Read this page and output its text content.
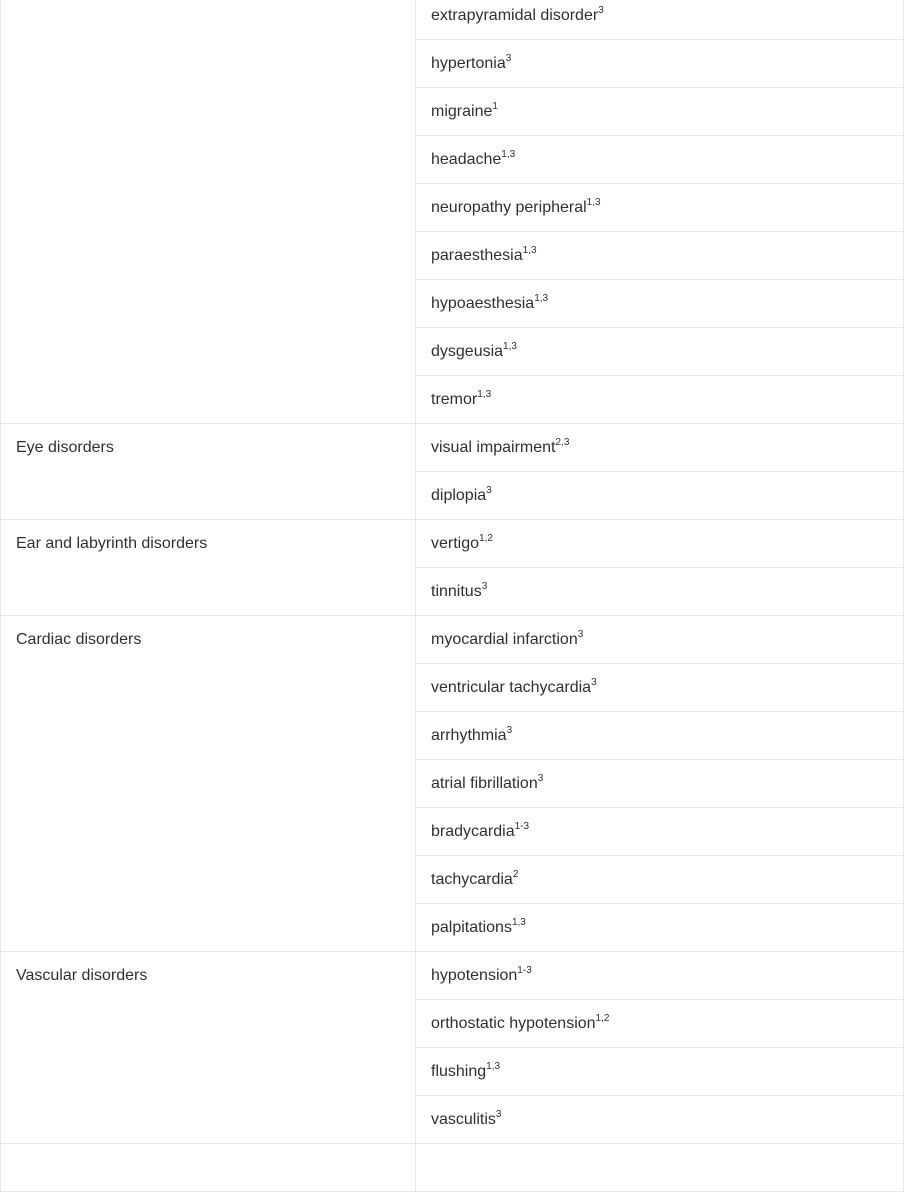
	extrapyramidal disorder$^3$
	hypertonia$^3$
	migraine$^1$
	headache$^{1,3}$
	neuropathy peripheral$^{1,3}$
	paraesthesia$^{1,3}$
	hypoaesthesia$^{1,3}$
	dysgeusia$^{1,3}$
	tremor$^{1,3}$
Eye disorders	visual impairment$^{2,3}$
	diplopia$^3$
Ear and labyrinth disorders	vertigo$^{1,2}$
	tinnitus$^3$
Cardiac disorders	myocardial infarction$^3$
	ventricular tachycardia$^3$
	arrhythmia$^3$
	atrial fibrillation$^3$
	bradycardia$^{1-3}$
	tachycardia$^2$
	palpitations$^{1,3}$
Vascular disorders	hypotension$^{1-3}$
	orthostatic hypotension$^{1,2}$
	flushing$^{1,3}$
	vasculitis$^3$
